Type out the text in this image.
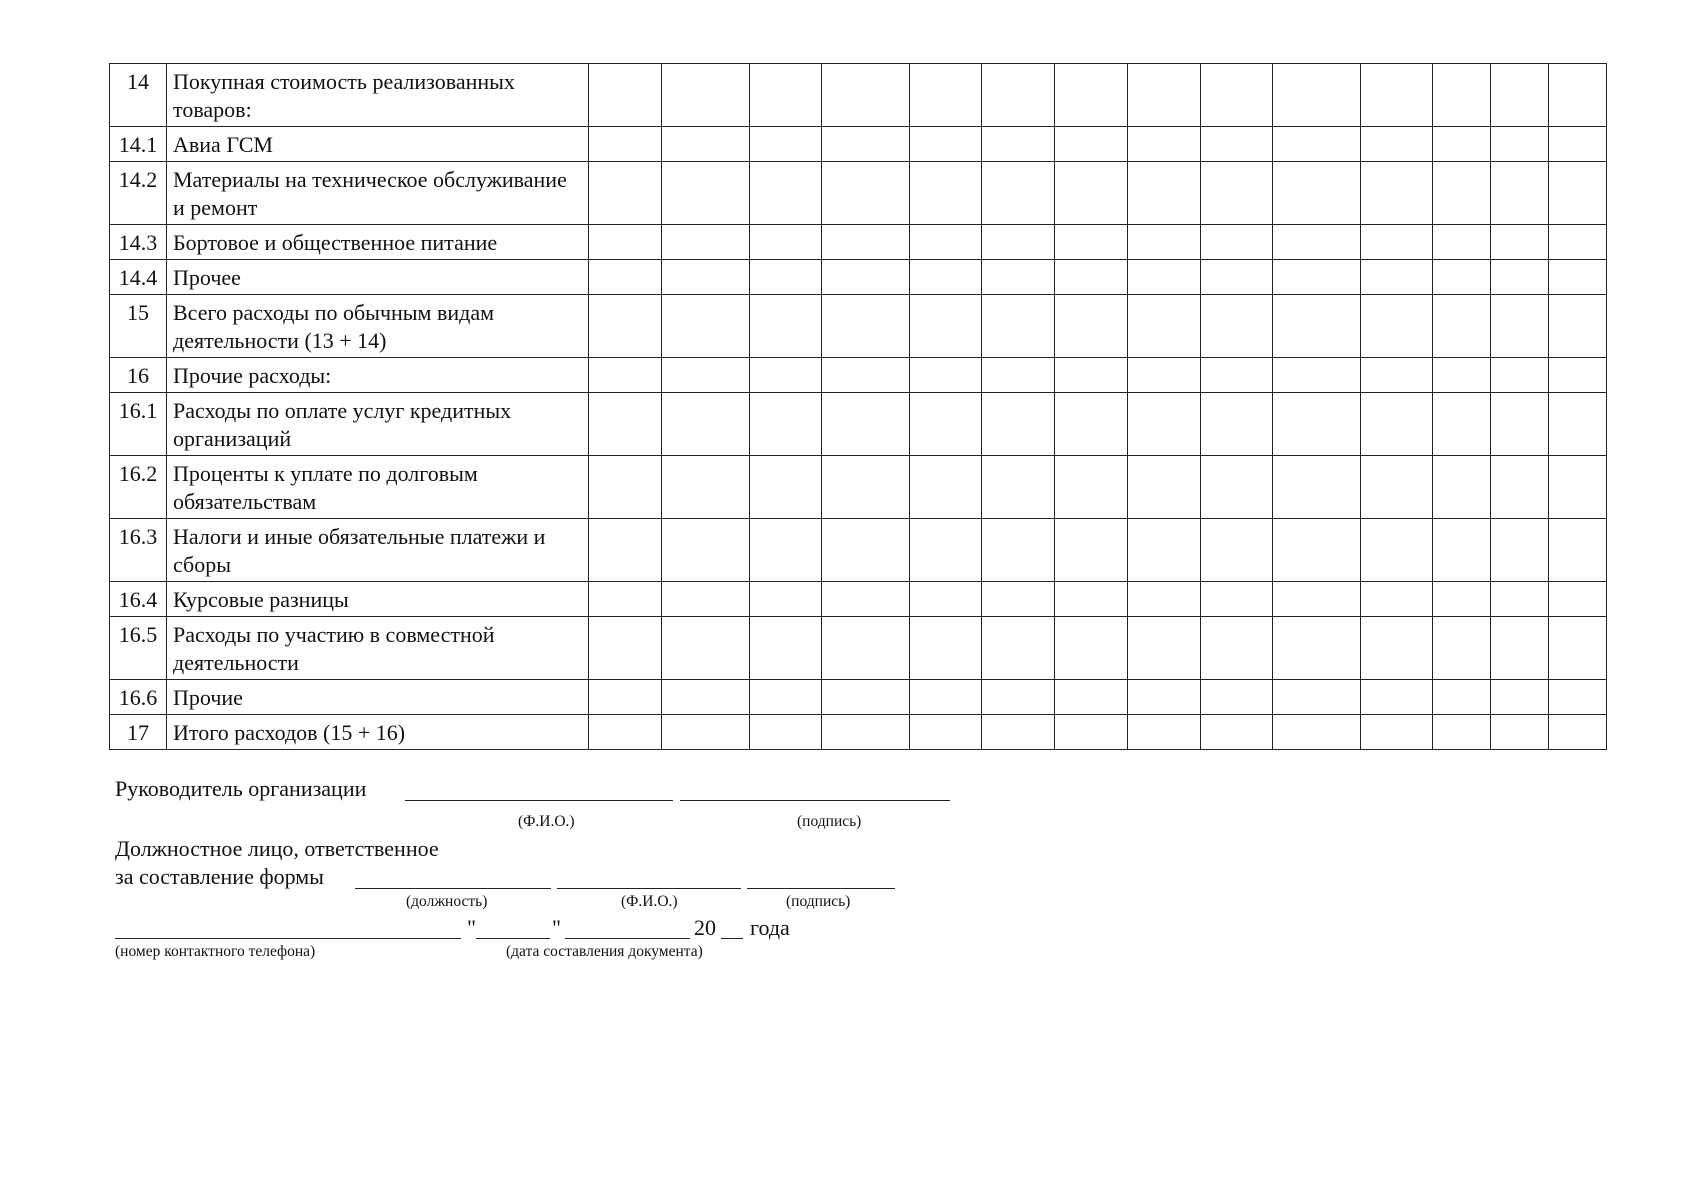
14	Покупная стоимость реализованных товаров:														
14.1	Авиа ГСМ														
14.2	Материалы на техническое обслуживание и ремонт														
14.3	Бортовое и общественное питание														
14.4	Прочее														
15	Всего расходы по обычным видам деятельности (13 + 14)														
16	Прочие расходы:														
16.1	Расходы по оплате услуг кредитных организаций														
16.2	Проценты к уплате по долговым обязательствам														
16.3	Налоги и иные обязательные платежи и сборы														
16.4	Курсовые разницы														
16.5	Расходы по участию в совместной деятельности														
16.6	Прочие														
17	Итого расходов (15 + 16)														
Руководитель организации
(Ф.И.О.)	(подпись)
Должностное лицо, ответственное
за составление формы
(должность)	(Ф.И.О.)	(подпись)
"	"	20 года
(номер контактного телефона)	(дата составления документа)
